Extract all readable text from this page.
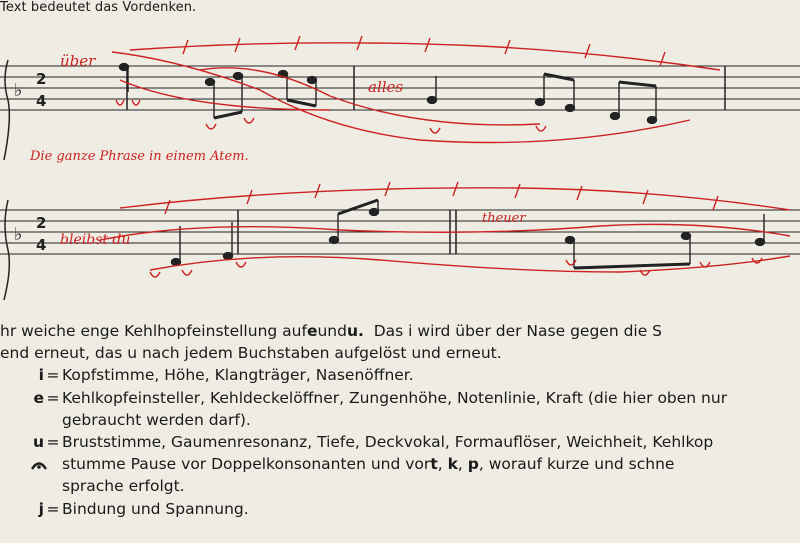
Text bedeutet das Vordenken.
♭
2
4
über
alles
Die ganze Phrase in einem Atem.
♭
2
4 bleibst du
theuer
hr weiche enge Kehlhopfeinstellung auf e und u. Das i wird über der Nase gegen die S
end erneut, das u nach jedem Buchstaben aufgelöst und erneut.
i = Kopfstimme, Höhe, Klangträger, Nasenöffner.
e = Kehlkopfeinsteller, Kehldeckelöffner, Zungenhöhe, Notenlinie, Kraft (die hier oben nur
gebraucht werden darf).
u = Bruststimme, Gaumenresonanz, Tiefe, Deckvokal, Formauflöser, Weichheit, Kehlkop
stumme Pause vor Doppelkonsonanten und vor t , k , p , worauf kurze und schne
sprache erfolgt.
j = Bindung und Spannung.
